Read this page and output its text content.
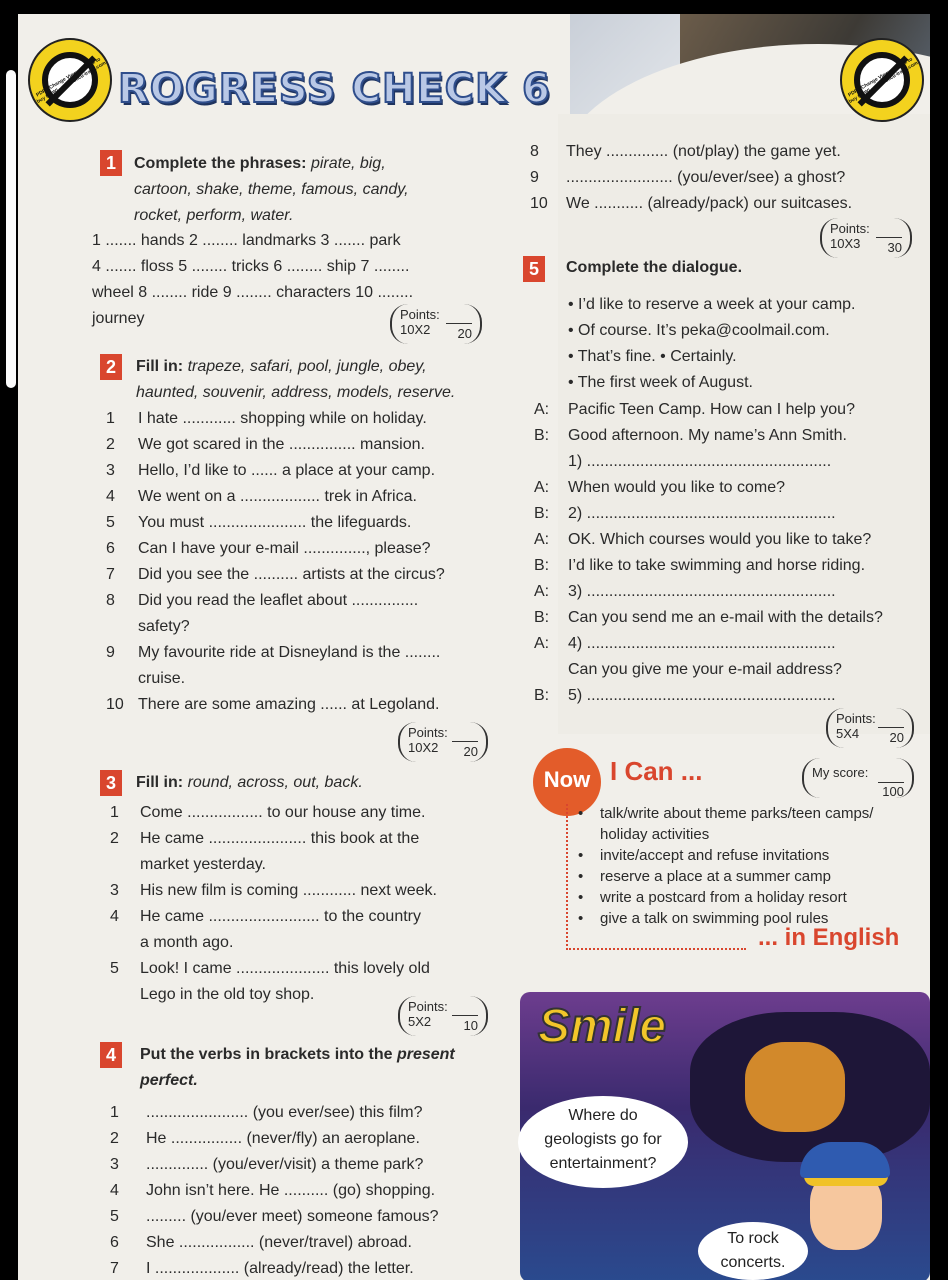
ROGRESS CHECK 6
PDF-XChange Viewer · Click to buy NOW! · www.docu-track.com	PDF-XChange Viewer · Click to buy NOW! · www.docu-track.com
1	Complete the phrases: pirate, big,
cartoon, shake, theme, famous, candy,
rocket, perform, water.
1 ....... hands 2 ........ landmarks 3 ....... park
4 ....... floss 5 ........ tricks 6 ........ ship 7 ........
wheel 8 ........ ride 9 ........ characters 10 ........
journey	Points:
10X2 20
2	Fill in: trapeze, safari, pool, jungle, obey,
haunted, souvenir, address, models, reserve.
1 I hate ............ shopping while on holiday.
2 We got scared in the ............... mansion.
3 Hello, I’d like to ...... a place at your camp.
4 We went on a .................. trek in Africa.
5 You must ...................... the lifeguards.
6 Can I have your e-mail .............., please?
7 Did you see the .......... artists at the circus?
8 Did you read the leaflet about ...............
safety?
9 My favourite ride at Disneyland is the ........
cruise.
10 There are some amazing ...... at Legoland.
Points:
10X2 20
3	Fill in: round, across, out, back.
1 Come ................. to our house any time.
2 He came ...................... this book at the
market yesterday.
3 His new film is coming ............ next week.
4 He came ......................... to the country
a month ago.
5 Look! I came ..................... this lovely old
Lego in the old toy shop.
Points:
5X2 10
4	Put the verbs in brackets into the present
perfect.
1 ....................... (you ever/see) this film?
2 He ................ (never/fly) an aeroplane.
3 .............. (you/ever/visit) a theme park?
4 John isn’t here. He .......... (go) shopping.
5 ......... (you/ever meet) someone famous?
6 She ................. (never/travel) abroad.
7 I ................... (already/read) the letter.
8 They .............. (not/play) the game yet.
9 ........................ (you/ever/see) a ghost?
10 We ........... (already/pack) our suitcases.
Points:
10X3 30
5	Complete the dialogue.
• I’d like to reserve a week at your camp.
• Of course. It’s peka@coolmail.com.
• That’s fine. • Certainly.
• The first week of August.
A: Pacific Teen Camp. How can I help you?
B: Good afternoon. My name’s Ann Smith.
1) .......................................................
A: When would you like to come?
B: 2) ........................................................
A: OK. Which courses would you like to take?
B: I’d like to take swimming and horse riding.
A: 3) ........................................................
B: Can you send me an e-mail with the details?
A: 4) ........................................................
Can you give me your e-mail address?
B: 5) ........................................................
Points:
5X4 20
Now I Can ...	My score:
100
• talk/write about theme parks/teen camps/
holiday activities
• invite/accept and refuse invitations
• reserve a place at a summer camp
• write a postcard from a holiday resort
• give a talk on swimming pool rules
... in English
Smile
Where do
geologists go for
entertainment?
To rock
concerts.
